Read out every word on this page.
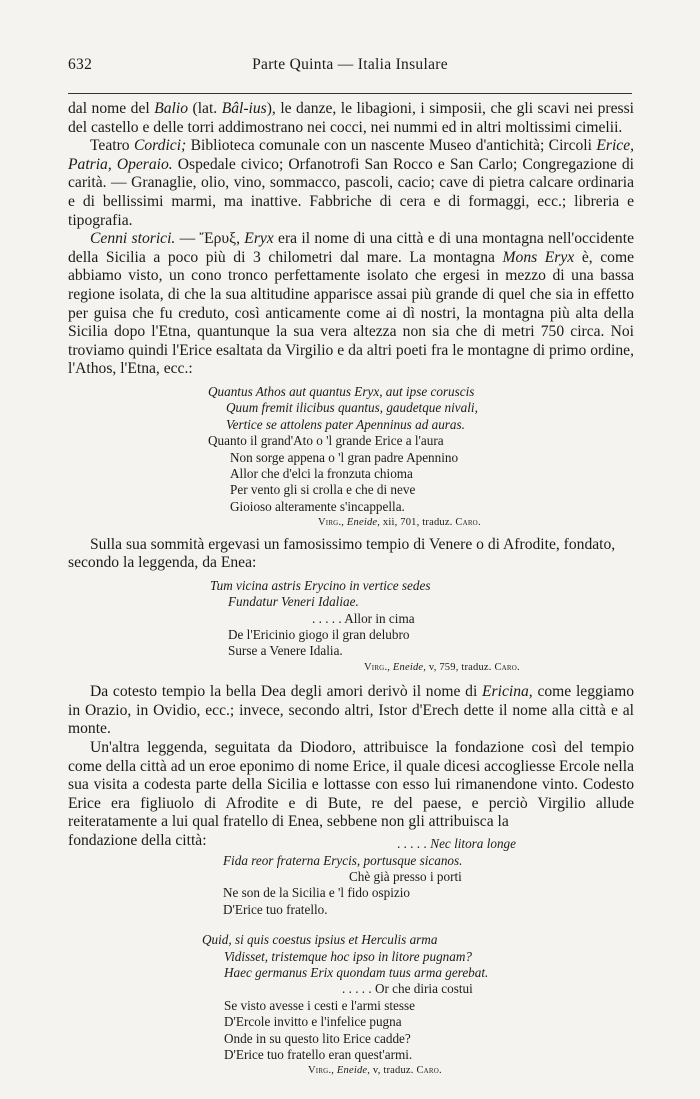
632	Parte Quinta — Italia Insulare

dal nome del Balio (lat. Bâl-ius), le danze, le libagioni, i simposii, che gli scavi nei pressi del castello e delle torri addimostrano nei cocci, nei nummi ed in altri moltissimi cimelii.

Teatro Cordici; Biblioteca comunale con un nascente Museo d'antichità; Circoli Erice, Patria, Operaio. Ospedale civico; Orfanotrofi San Rocco e San Carlo; Congregazione di carità. — Granaglie, olio, vino, sommacco, pascoli, cacio; cave di pietra calcare ordinaria e di bellissimi marmi, ma inattive. Fabbriche di cera e di formaggi, ecc.; libreria e tipografia.

Cenni storici. — Ἔρυξ, Eryx era il nome di una città e di una montagna nell'occidente della Sicilia a poco più di 3 chilometri dal mare. La montagna Mons Eryx è, come abbiamo visto, un cono tronco perfettamente isolato che ergesi in mezzo di una bassa regione isolata, di che la sua altitudine apparisce assai più grande di quel che sia in effetto per guisa che fu creduto, così anticamente come ai dì nostri, la montagna più alta della Sicilia dopo l'Etna, quantunque la sua vera altezza non sia che di metri 750 circa. Noi troviamo quindi l'Erice esaltata da Virgilio e da altri poeti fra le montagne di primo ordine, l'Athos, l'Etna, ecc.:

Quantus Athos aut quantus Eryx, aut ipse coruscis
Quum fremit ilicibus quantus, gaudetque nivali,
Vertice se attolens pater Apenninus ad auras.
Quanto il grand'Ato o 'l grande Erice a l'aura
Non sorge appena o 'l gran padre Apennino
Allor che d'elci la fronzuta chioma
Per vento gli si crolla e che di neve
Gioioso alteramente s'incappella.
Virg., Eneide, xii, 701, traduz. Caro.

Sulla sua sommità ergevasi un famosissimo tempio di Venere o di Afrodite, fondato, secondo la leggenda, da Enea:

Tum vicina astris Erycino in vertice sedes
Fundatur Veneri Idaliae.
. . . . . Allor in cima
De l'Ericinio giogo il gran delubro
Surse a Venere Idalia.
Virg., Eneide, v, 759, traduz. Caro.

Da cotesto tempio la bella Dea degli amori derivò il nome di Ericina, come leggiamo in Orazio, in Ovidio, ecc.; invece, secondo altri, Istor d'Erech dette il nome alla città e al monte.

Un'altra leggenda, seguitata da Diodoro, attribuisce la fondazione così del tempio come della città ad un eroe eponimo di nome Erice, il quale dicesi accogliesse Ercole nella sua visita a codesta parte della Sicilia e lottasse con esso lui rimanendone vinto. Codesto Erice era figliuolo di Afrodite e di Bute, re del paese, e perciò Virgilio allude reiteratamente a lui qual fratello di Enea, sebbene non gli attribuisca la

fondazione della città:	. . . . . Nec litora longe
Fida reor fraterna Erycis, portusque sicanos.
Chè già presso i porti
Ne son de la Sicilia e 'l fido ospizio
D'Erice tuo fratello.
Quid, si quis coestus ipsius et Herculis arma
Vidisset, tristemque hoc ipso in litore pugnam?
Haec germanus Erix quondam tuus arma gerebat.
. . . . . Or che diria costui
Se visto avesse i cesti e l'armi stesse
D'Ercole invitto e l'infelice pugna
Onde in su questo lito Erice cadde?
D'Erice tuo fratello eran quest'armi.
Virg., Eneide, v, traduz. Caro.
